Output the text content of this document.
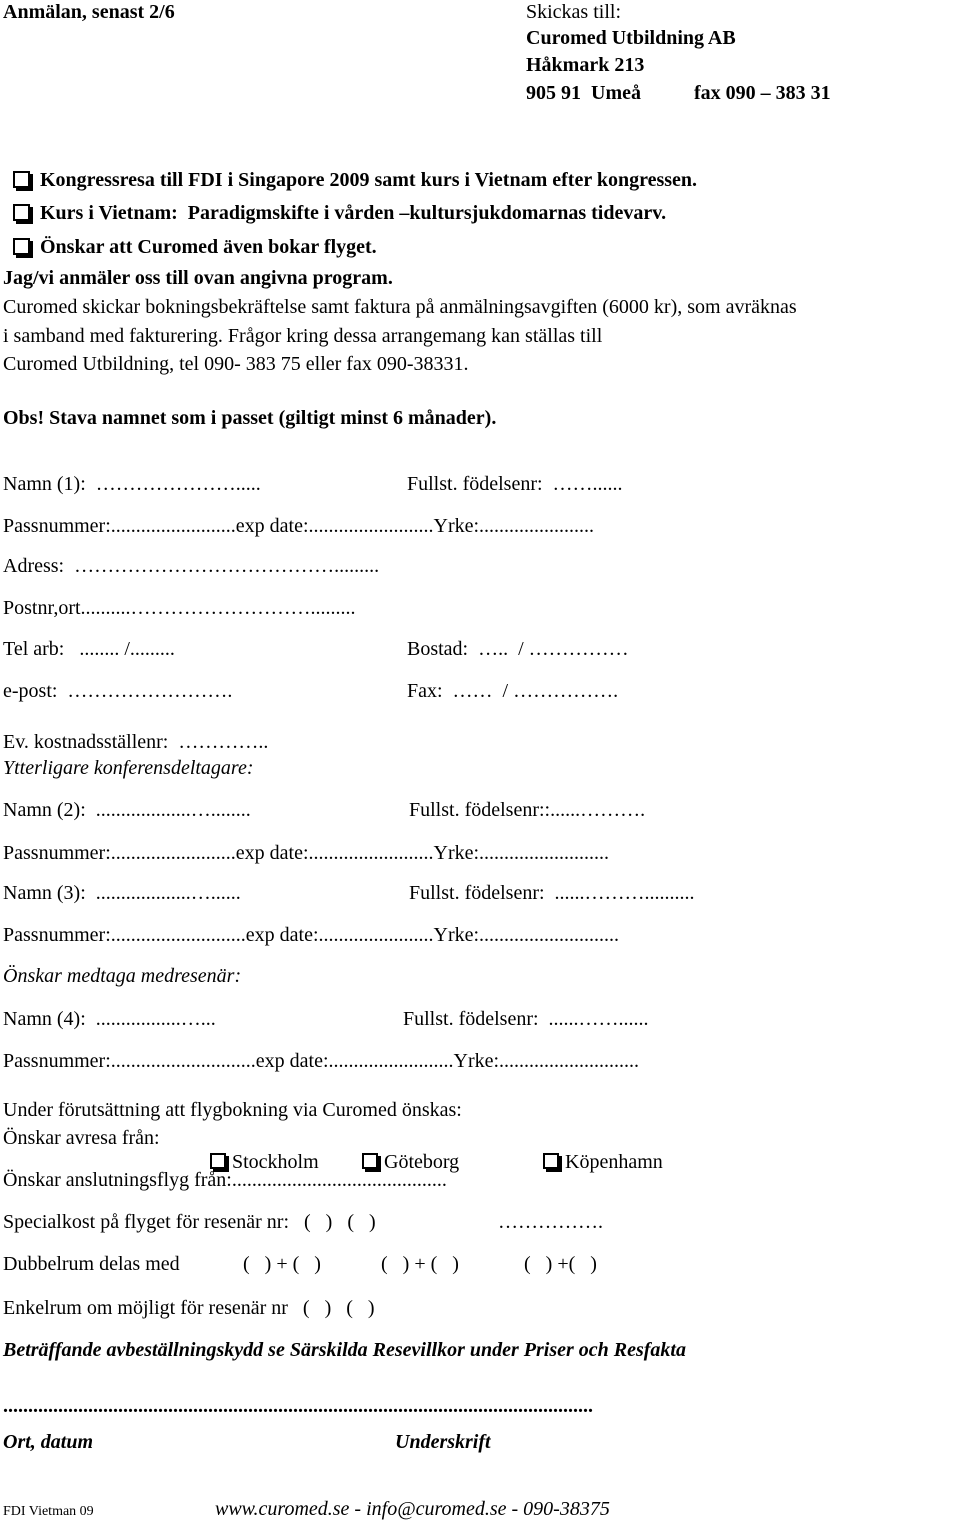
Anmälan, senast 2/6	Skickas till:
Curomed Utbildning AB
Håkmark 213
905 91  Umeå	fax 090 – 383 31

Kongressresa till FDI i Singapore 2009 samt kurs i Vietnam efter kongressen.

Kurs i Vietnam:  Paradigmskifte i vården –kultursjukdomarnas tidevarv.

Önskar att Curomed även bokar flyget.

Jag/vi anmäler oss till ovan angivna program.
Curomed skickar bokningsbekräftelse samt faktura på anmälningsavgiften (6000 kr), som avräknas
i samband med fakturering. Frågor kring dessa arrangemang kan ställas till
Curomed Utbildning, tel 090- 383 75 eller fax 090-38331.
Obs! Stava namnet som i passet (giltigt minst 6 månader).
Namn (1):  ………………….....	Fullst. födelsenr:  ……......
Passnummer:.........................exp date:.........................Yrke:.......................
Adress:  ………………………………….........
Postnr,ort..........……………………….........
Tel arb:   ........ /.........	Bostad:  …..  / ……………
e-post:  …………………….	Fax:  ……  / …………….
Ev. kostnadsställenr:  …………..
Ytterligare konferensdeltagare:
Namn (2):  ...................…........	Fullst. födelsenr::......……….
Passnummer:.........................exp date:.........................Yrke:..........................
Namn (3):  ...................…......	Fullst. födelsenr:  ......………..........
Passnummer:...........................exp date:.......................Yrke:............................
Önskar medtaga medresenär:
Namn (4):  .................…...	Fullst. födelsenr:  ......……......
Passnummer:.............................exp date:.........................Yrke:............................
Under förutsättning att flygbokning via Curomed önskas:
Önskar avresa från:

Stockholm	Göteborg	Köpenhamn

Önskar anslutningsflyg från:...........................................
Specialkost på flyget för resenär nr:   (   )   (   )	…………….
Dubbelrum delas med	(   ) + (   )	(   ) + (   )	(   ) +(   )
Enkelrum om möjligt för resenär nr   (   )   (   )
Beträffande avbeställningskydd se Särskilda Resevillkor under Priser och Resfakta
......................................................................................................................
Ort, datum	Underskrift
FDI Vietman 09	www.curomed.se - info@curomed.se - 090-38375
